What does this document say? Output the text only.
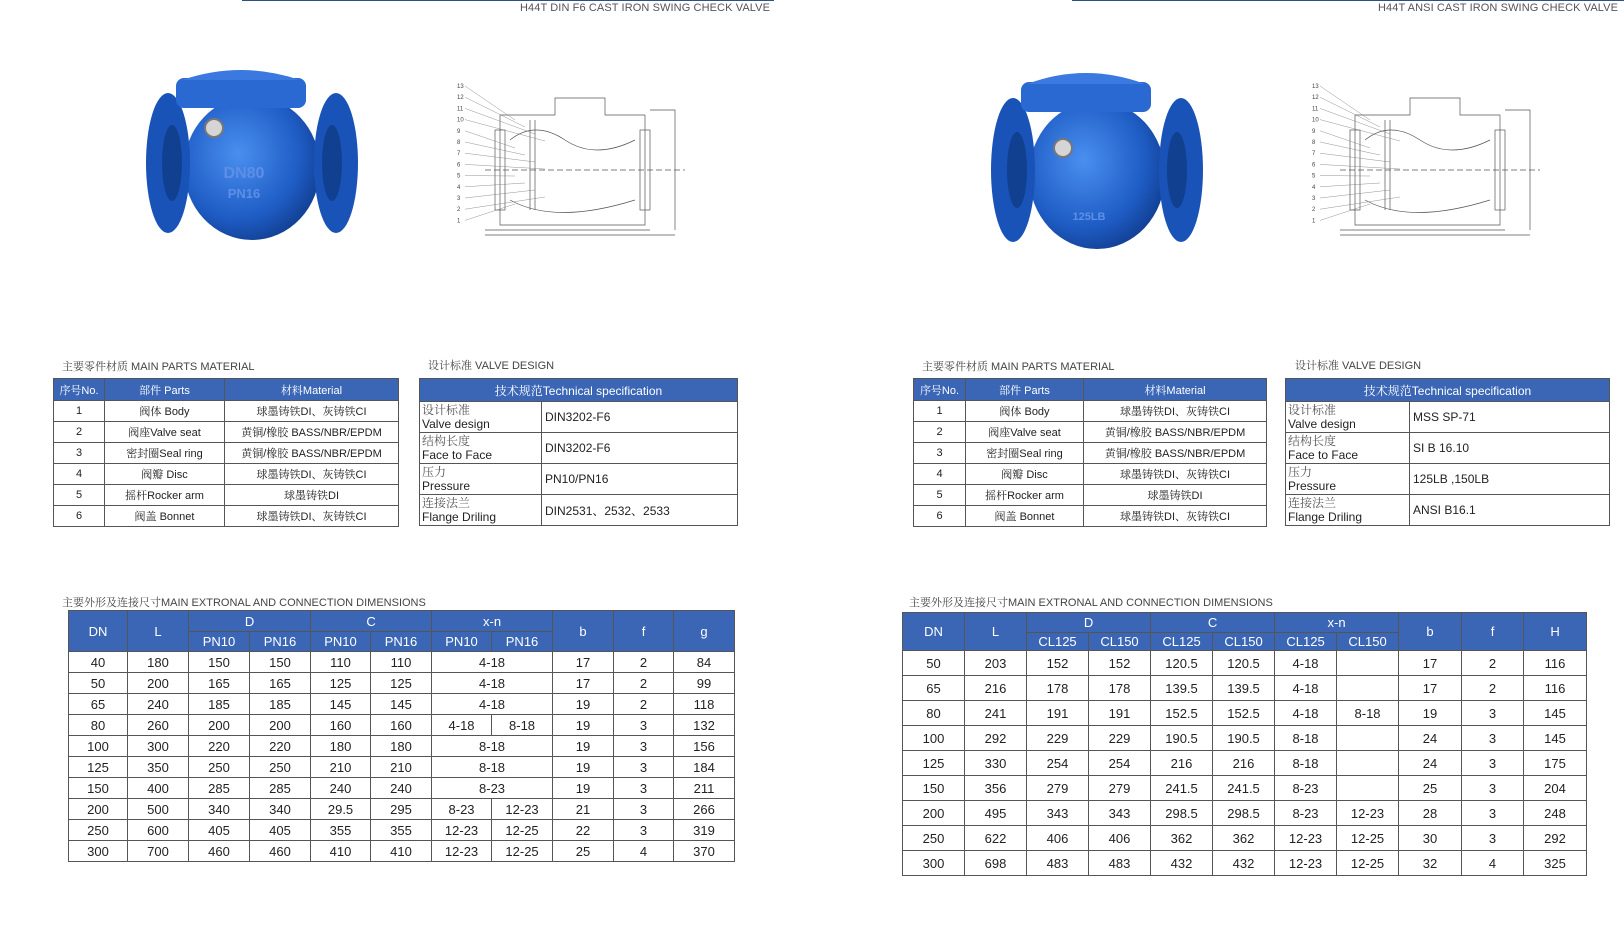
H44T DIN F6 CAST IRON SWING CHECK VALVE
DN80
PN16
13
12
11
10
9
8
7
6
5
4
3
2
1
主要零件材质 MAIN PARTS MATERIAL	设计标准 VALVE DESIGN
序号No.	部件 Parts	材料Material
1	阀体 Body	球墨铸铁DI、灰铸铁CI
2	阀座Valve seat	黄铜/橡胶 BASS/NBR/EPDM
3	密封圈Seal ring	黄铜/橡胶 BASS/NBR/EPDM
4	阀瓣 Disc	球墨铸铁DI、灰铸铁CI
5	摇杆Rocker arm	球墨铸铁DI
6	阀盖 Bonnet	球墨铸铁DI、灰铸铁CI
技术规范Technical specification	

设计标准
Valve design	DIN3202-F6

结构长度
Face to Face	DIN3202-F6

压力
Pressure	PN10/PN16

连接法兰
Flange Driling	DIN2531、2532、2533
主要外形及连接尺寸MAIN EXTRONAL AND CONNECTION DIMENSIONS
DN	L	D		C		x-n		b	f	g
		PN10	PN16	PN10	PN16	PN10	PN16			
40	180	150	150	110	110	4-18		17	2	84
50	200	165	165	125	125	4-18		17	2	99
65	240	185	185	145	145	4-18		19	2	118
80	260	200	200	160	160	4-18	8-18	19	3	132
100	300	220	220	180	180	8-18		19	3	156
125	350	250	250	210	210	8-18		19	3	184
150	400	285	285	240	240	8-23		19	3	211
200	500	340	340	29.5	295	8-23	12-23	21	3	266
250	600	405	405	355	355	12-23	12-25	22	3	319
300	700	460	460	410	410	12-23	12-25	25	4	370
H44T ANSI CAST IRON SWING CHECK VALVE
125LB
13
12
11
10
9
8
7
6
5
4
3
2
1
主要零件材质 MAIN PARTS MATERIAL	设计标准 VALVE DESIGN
序号No.	部件 Parts	材料Material
1	阀体 Body	球墨铸铁DI、灰铸铁CI
2	阀座Valve seat	黄铜/橡胶 BASS/NBR/EPDM
3	密封圈Seal ring	黄铜/橡胶 BASS/NBR/EPDM
4	阀瓣 Disc	球墨铸铁DI、灰铸铁CI
5	摇杆Rocker arm	球墨铸铁DI
6	阀盖 Bonnet	球墨铸铁DI、灰铸铁CI
技术规范Technical specification	

设计标准
Valve design	MSS SP-71

结构长度
Face to Face	SI B 16.10

压力
Pressure	125LB ,150LB

连接法兰
Flange Driling	ANSI B16.1
主要外形及连接尺寸MAIN EXTRONAL AND CONNECTION DIMENSIONS
DN	L	D		C		x-n		b	f	H
		CL125	CL150	CL125	CL150	CL125	CL150			
50	203	152	152	120.5	120.5	4-18		17	2	116
65	216	178	178	139.5	139.5	4-18		17	2	116
80	241	191	191	152.5	152.5	4-18	8-18	19	3	145
100	292	229	229	190.5	190.5	8-18		24	3	145
125	330	254	254	216	216	8-18		24	3	175
150	356	279	279	241.5	241.5	8-23		25	3	204
200	495	343	343	298.5	298.5	8-23	12-23	28	3	248
250	622	406	406	362	362	12-23	12-25	30	3	292
300	698	483	483	432	432	12-23	12-25	32	4	325
